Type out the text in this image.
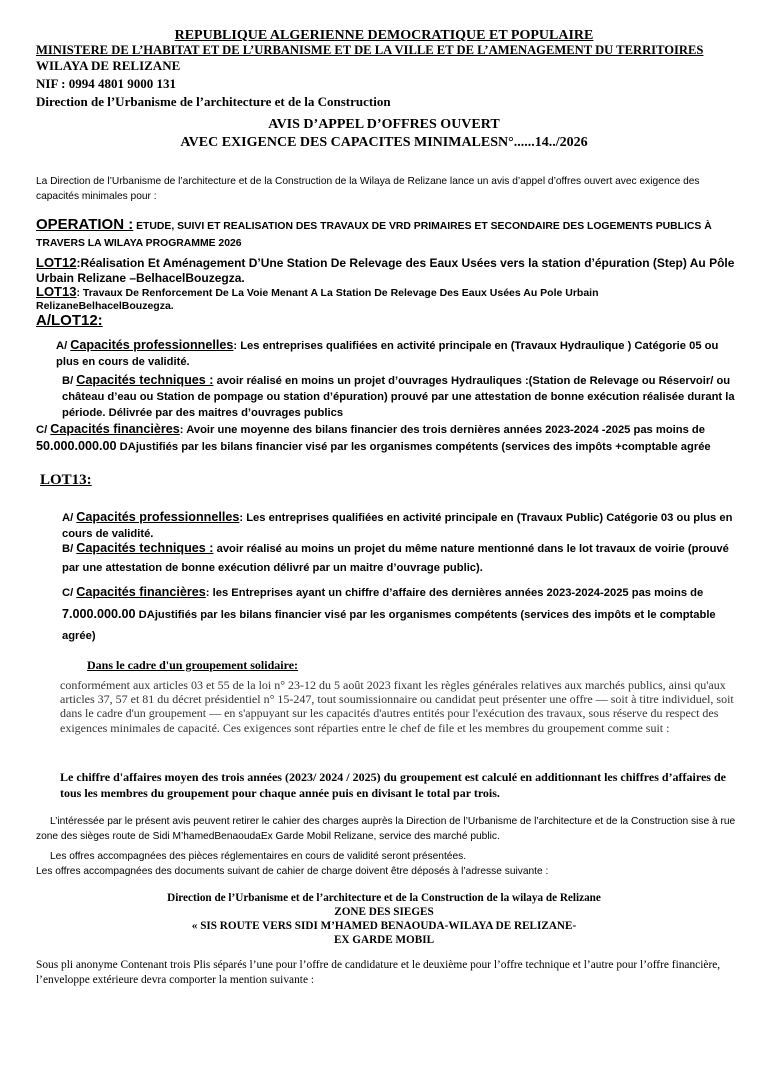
REPUBLIQUE ALGERIENNE DEMOCRATIQUE ET POPULAIRE
MINISTERE DE L’HABITAT ET DE L’URBANISME ET DE LA VILLE ET DE L’AMENAGEMENT DU TERRITOIRES
WILAYA DE RELIZANE
NIF : 0994 4801 9000 131
Direction de l’Urbanisme de l’architecture et de la Construction
AVIS D’APPEL D’OFFRES OUVERT
AVEC EXIGENCE DES CAPACITES MINIMALESN°......14../2026
La Direction de l’Urbanisme de l’architecture et de la Construction de la Wilaya de Relizane lance un avis d’appel d’offres ouvert avec exigence des capacités minimales pour :
OPERATION : ETUDE, SUIVI ET REALISATION DES TRAVAUX DE VRD PRIMAIRES ET SECONDAIRE DES LOGEMENTS PUBLICS À TRAVERS LA WILAYA PROGRAMME 2026
LOT12:Réalisation Et Aménagement D’Une Station De Relevage des Eaux Usées vers la station d’épuration (Step) Au Pôle Urbain Relizane –BelhacelBouzegza.
LOT13: Travaux De Renforcement De La Voie Menant A La Station De Relevage Des Eaux Usées Au Pole Urbain RelizaneBelhacelBouzegza.
A/LOT12:
A/ Capacités professionnelles: Les entreprises qualifiées en activité principale en (Travaux Hydraulique ) Catégorie 05 ou plus en cours de validité.
B/ Capacités techniques : avoir réalisé en moins un projet d’ouvrages Hydrauliques :(Station de Relevage ou Réservoir/ ou château d’eau ou Station de pompage ou station d’épuration) prouvé par une attestation de bonne exécution réalisée durant la période. Délivrée par des maitres d’ouvrages publics
C/ Capacités financières: Avoir une moyenne des bilans financier des trois dernières années 2023-2024 -2025 pas moins de 50.000.000.00 DAjustifiés par les bilans financier visé par les organismes compétents (services des impôts +comptable agrée
LOT13:
A/ Capacités professionnelles: Les entreprises qualifiées en activité principale en (Travaux Public) Catégorie 03 ou plus en cours de validité.
B/ Capacités techniques : avoir réalisé au moins un projet du même nature mentionné dans le lot travaux de voirie (prouvé par une attestation de bonne exécution délivré par un maitre d’ouvrage public).
C/ Capacités financières: les Entreprises ayant un chiffre d’affaire des dernières années 2023-2024-2025 pas moins de 7.000.000.00 DAjustifiés par les bilans financier visé par les organismes compétents (services des impôts et le comptable agrée)
Dans le cadre d'un groupement solidaire:
conformément aux articles 03 et 55 de la loi n° 23-12 du 5 août 2023 fixant les règles générales relatives aux marchés publics, ainsi qu'aux articles 37, 57 et 81 du décret présidentiel n° 15-247, tout soumissionnaire ou candidat peut présenter une offre — soit à titre individuel, soit dans le cadre d'un groupement — en s'appuyant sur les capacités d'autres entités pour l'exécution des travaux, sous réserve du respect des exigences minimales de capacité. Ces exigences sont réparties entre le chef de file et les membres du groupement comme suit :
Le chiffre d'affaires moyen des trois années (2023/ 2024 / 2025) du groupement est calculé en additionnant les chiffres d’affaires de tous les membres du groupement pour chaque année puis en divisant le total par trois.
L’intéressée par le présent avis peuvent retirer le cahier des charges auprès la Direction de l’Urbanisme de l’architecture et de la Construction sise à rue zone des sièges route de Sidi M’hamedBenaoudaEx Garde Mobil Relizane, service des marché public.
Les offres accompagnées des pièces réglementaires en cours de validité seront présentées.
Les offres accompagnées des documents suivant de cahier de charge doivent être déposés à l’adresse suivante :
Direction de l’Urbanisme et de l’architecture et de la Construction de la wilaya de Relizane
ZONE DES SIEGES
« SIS ROUTE VERS SIDI M’HAMED BENAOUDA-WILAYA DE RELIZANE-
EX GARDE MOBIL
Sous pli anonyme Contenant trois Plis séparés l’une pour l’offre de candidature et le deuxième pour l’offre technique et l’autre pour l’offre financière, l’enveloppe extérieure devra comporter la mention suivante :
